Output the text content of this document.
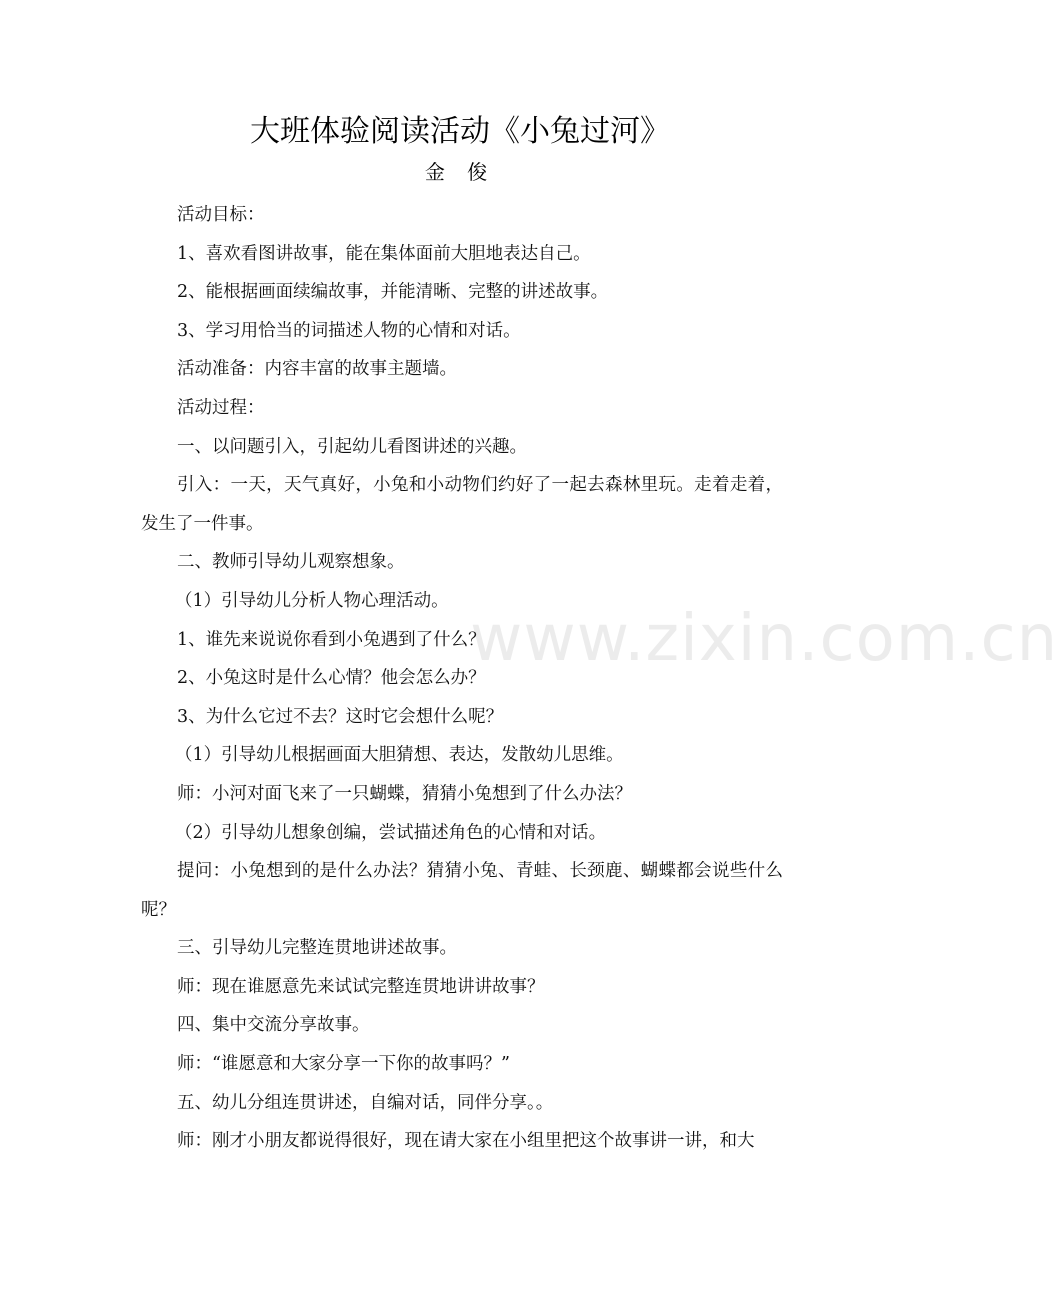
大班体验阅读活动《小兔过河》
金 俊

活动目标：

1、喜欢看图讲故事，能在集体面前大胆地表达自己。

2、能根据画面续编故事，并能清晰、完整的讲述故事。

3、学习用恰当的词描述人物的心情和对话。

活动准备：内容丰富的故事主题墙。

活动过程：

一、以问题引入，引起幼儿看图讲述的兴趣。

引入：一天，天气真好，小兔和小动物们约好了一起去森林里玩。走着走着，发生了一件事。

二、教师引导幼儿观察想象。

（1）引导幼儿分析人物心理活动。

1、谁先来说说你看到小兔遇到了什么？

2、小兔这时是什么心情？他会怎么办？

3、为什么它过不去？这时它会想什么呢？

（1）引导幼儿根据画面大胆猜想、表达，发散幼儿思维。

师：小河对面飞来了一只蝴蝶，猜猜小兔想到了什么办法？

（2）引导幼儿想象创编，尝试描述角色的心情和对话。

提问：小兔想到的是什么办法？猜猜小兔、青蛙、长颈鹿、蝴蝶都会说些什么呢？

三、引导幼儿完整连贯地讲述故事。

师：现在谁愿意先来试试完整连贯地讲讲故事？

四、集中交流分享故事。

师：“谁愿意和大家分享一下你的故事吗？”

五、幼儿分组连贯讲述，自编对话，同伴分享。。

师：刚才小朋友都说得很好，现在请大家在小组里把这个故事讲一讲，和大

www.zixin.com.cn
